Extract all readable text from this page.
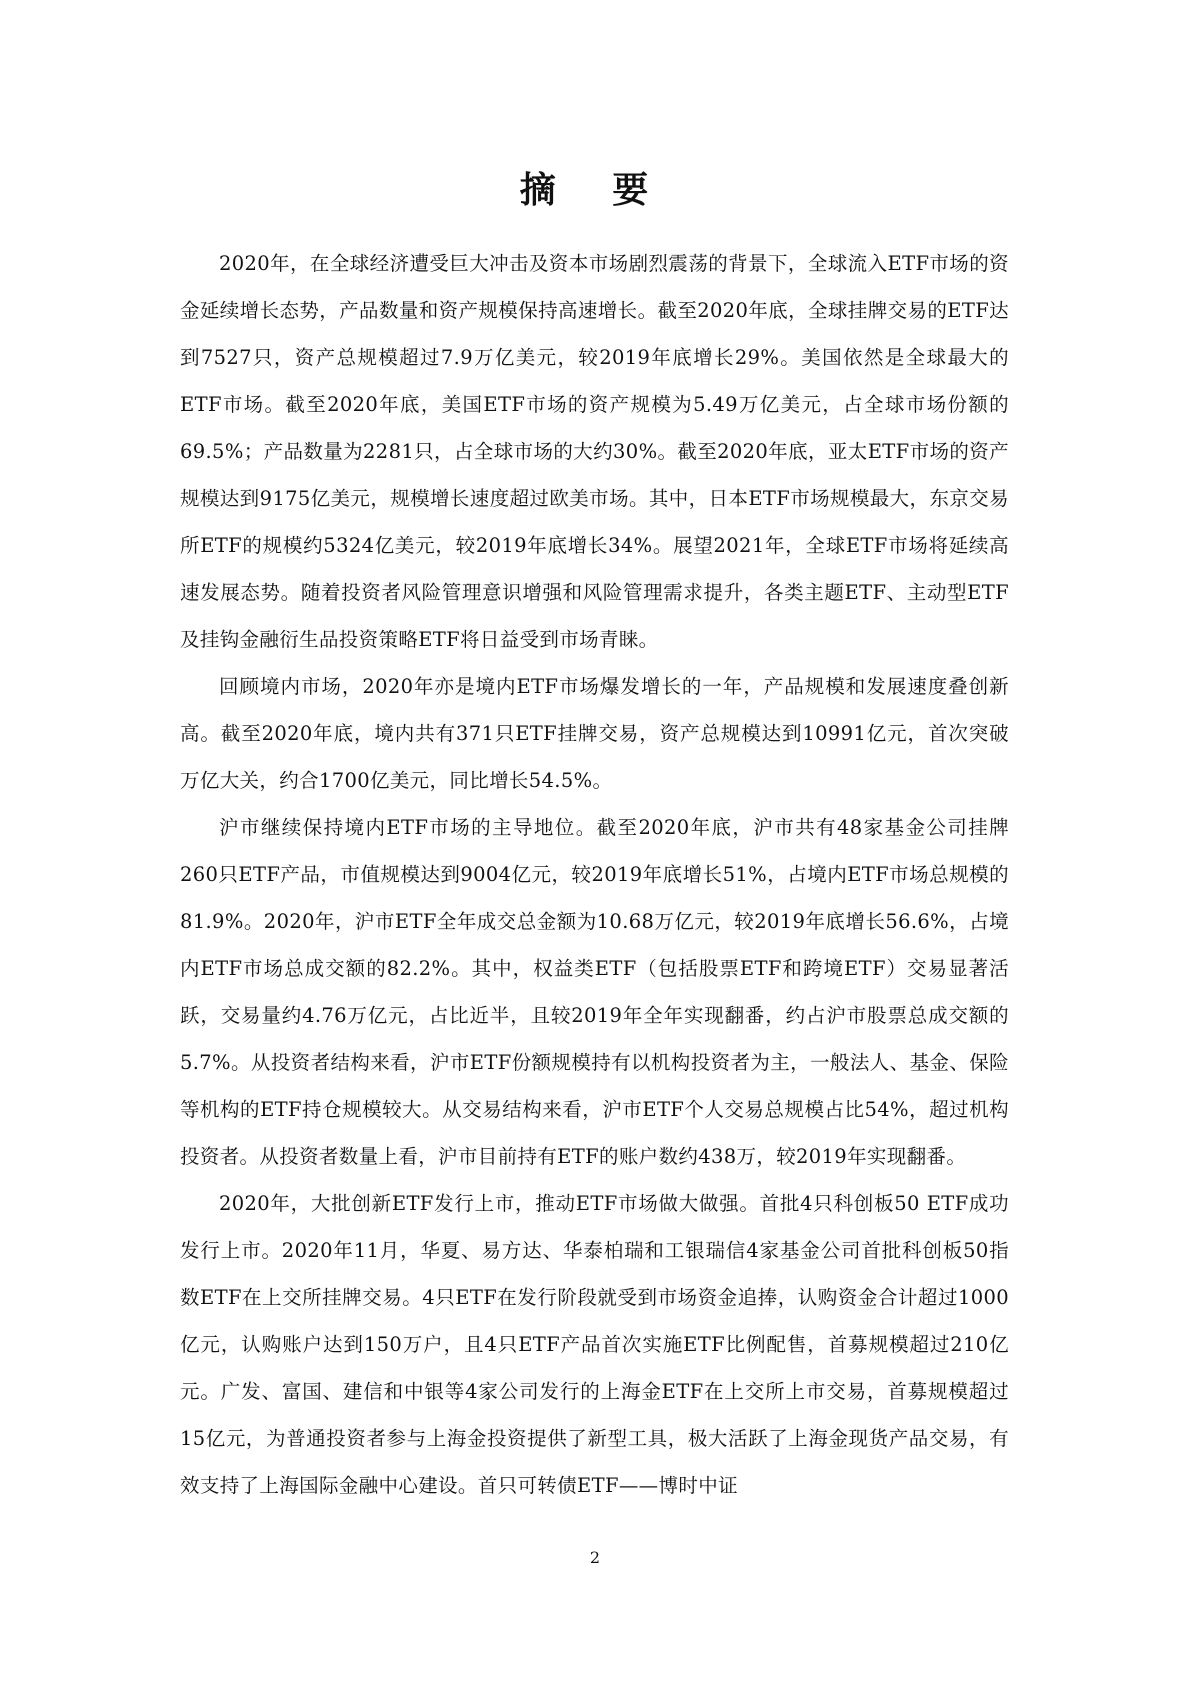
摘 要

2020年，在全球经济遭受巨大冲击及资本市场剧烈震荡的背景下，全球流入ETF市场的资金延续增长态势，产品数量和资产规模保持高速增长。截至2020年底，全球挂牌交易的ETF达到7527只，资产总规模超过7.9万亿美元，较2019年底增长29%。美国依然是全球最大的ETF市场。截至2020年底，美国ETF市场的资产规模为5.49万亿美元，占全球市场份额的69.5%；产品数量为2281只，占全球市场的大约30%。截至2020年底，亚太ETF市场的资产规模达到9175亿美元，规模增长速度超过欧美市场。其中，日本ETF市场规模最大，东京交易所ETF的规模约5324亿美元，较2019年底增长34%。展望2021年，全球ETF市场将延续高速发展态势。随着投资者风险管理意识增强和风险管理需求提升，各类主题ETF、主动型ETF及挂钩金融衍生品投资策略ETF将日益受到市场青睐。

回顾境内市场，2020年亦是境内ETF市场爆发增长的一年，产品规模和发展速度叠创新高。截至2020年底，境内共有371只ETF挂牌交易，资产总规模达到10991亿元，首次突破万亿大关，约合1700亿美元，同比增长54.5%。

沪市继续保持境内ETF市场的主导地位。截至2020年底，沪市共有48家基金公司挂牌260只ETF产品，市值规模达到9004亿元，较2019年底增长51%，占境内ETF市场总规模的81.9%。2020年，沪市ETF全年成交总金额为10.68万亿元，较2019年底增长56.6%，占境内ETF市场总成交额的82.2%。其中，权益类ETF（包括股票ETF和跨境ETF）交易显著活跃，交易量约4.76万亿元，占比近半，且较2019年全年实现翻番，约占沪市股票总成交额的5.7%。从投资者结构来看，沪市ETF份额规模持有以机构投资者为主，一般法人、基金、保险等机构的ETF持仓规模较大。从交易结构来看，沪市ETF个人交易总规模占比54%，超过机构投资者。从投资者数量上看，沪市目前持有ETF的账户数约438万，较2019年实现翻番。

2020年，大批创新ETF发行上市，推动ETF市场做大做强。首批4只科创板50 ETF成功发行上市。2020年11月，华夏、易方达、华泰柏瑞和工银瑞信4家基金公司首批科创板50指数ETF在上交所挂牌交易。4只ETF在发行阶段就受到市场资金追捧，认购资金合计超过1000亿元，认购账户达到150万户，且4只ETF产品首次实施ETF比例配售，首募规模超过210亿元。广发、富国、建信和中银等4家公司发行的上海金ETF在上交所上市交易，首募规模超过15亿元，为普通投资者参与上海金投资提供了新型工具，极大活跃了上海金现货产品交易，有效支持了上海国际金融中心建设。首只可转债ETF——博时中证

2
